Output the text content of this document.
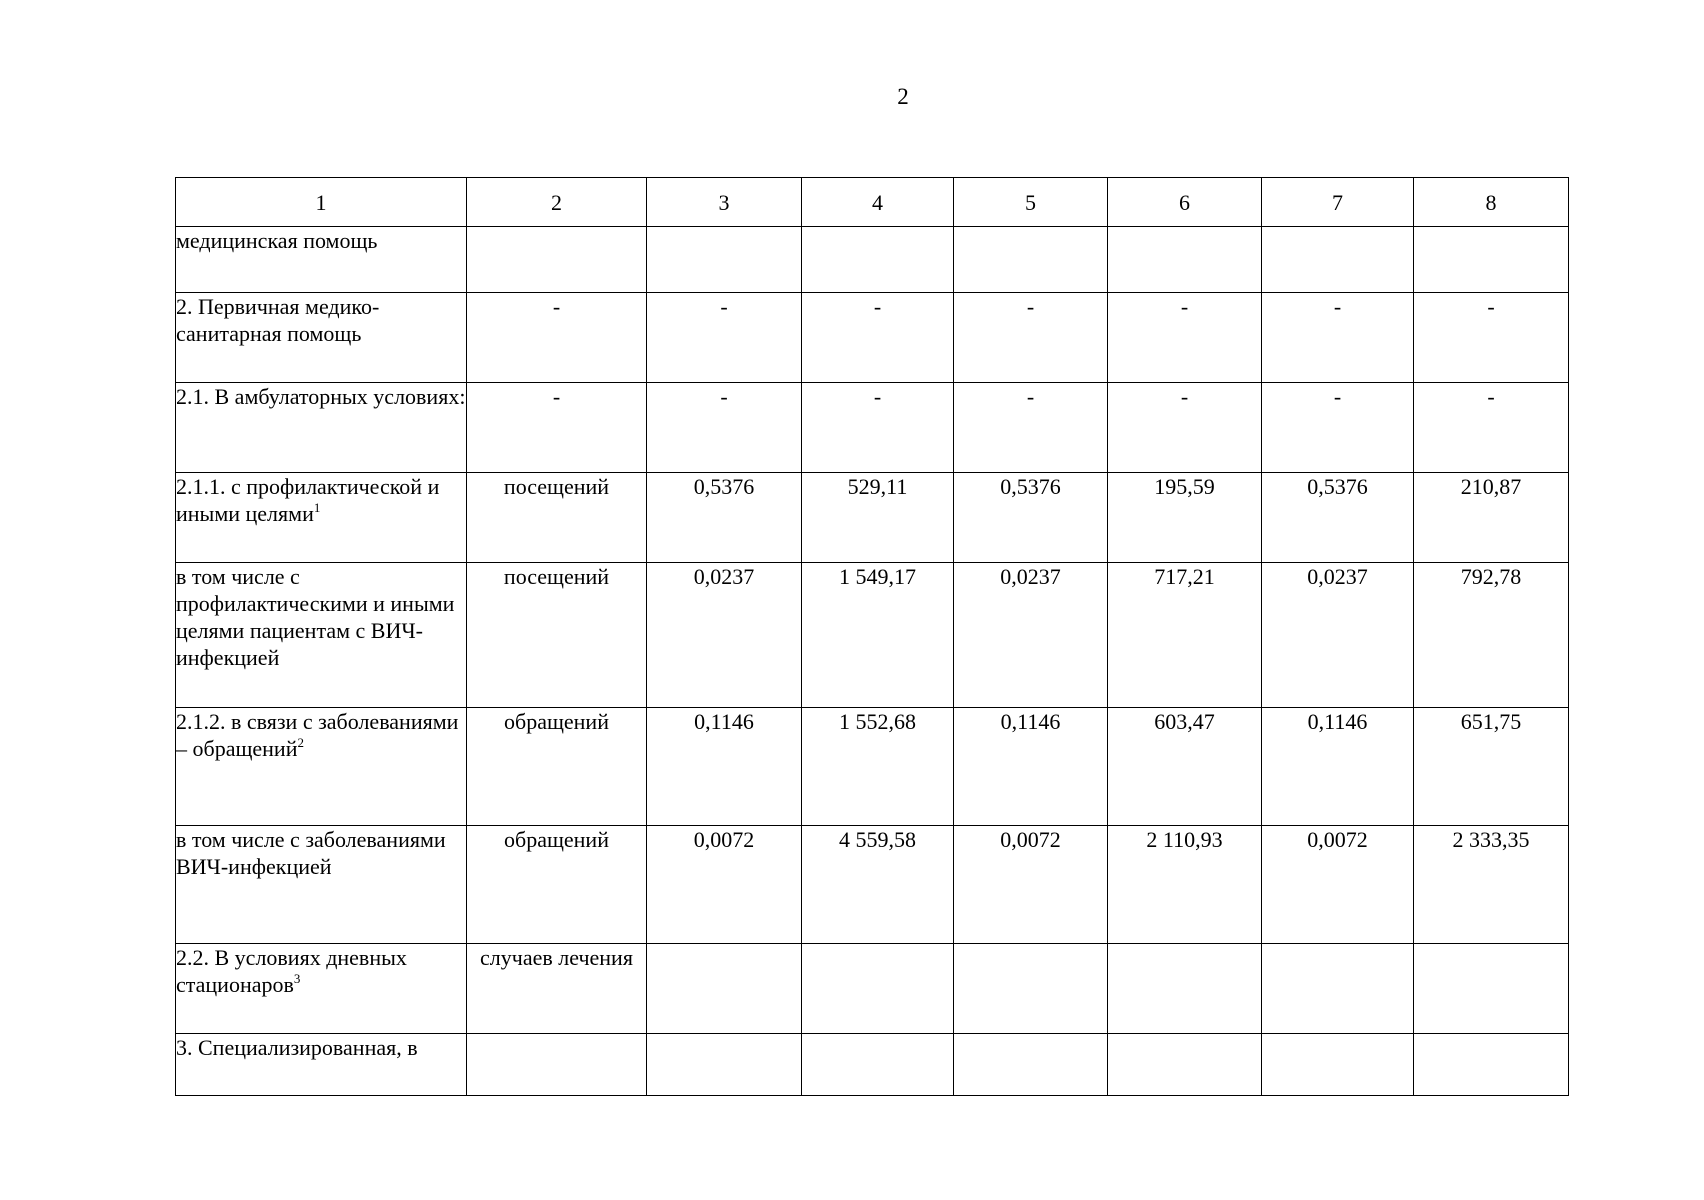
2
1	2	3	4	5	6	7	8
медицинская помощь							
2. Первичная медико-санитарная помощь	-	-	-	-	-	-	-
2.1. В амбулаторных условиях:	-	-	-	-	-	-	-
2.1.1. с профилактической и иными целями$^1$	посещений	0,5376	529,11	0,5376	195,59	0,5376	210,87
в том числе с профилактическими и иными целями пациентам с ВИЧ-инфекцией	посещений	0,0237	1 549,17	0,0237	717,21	0,0237	792,78
2.1.2. в связи с заболеваниями – обращений$^2$	обращений	0,1146	1 552,68	0,1146	603,47	0,1146	651,75
в том числе с заболеваниями ВИЧ-инфекцией	обращений	0,0072	4 559,58	0,0072	2 110,93	0,0072	2 333,35
2.2. В условиях дневных стационаров$^3$	случаев лечения						
3. Специализированная, в							
